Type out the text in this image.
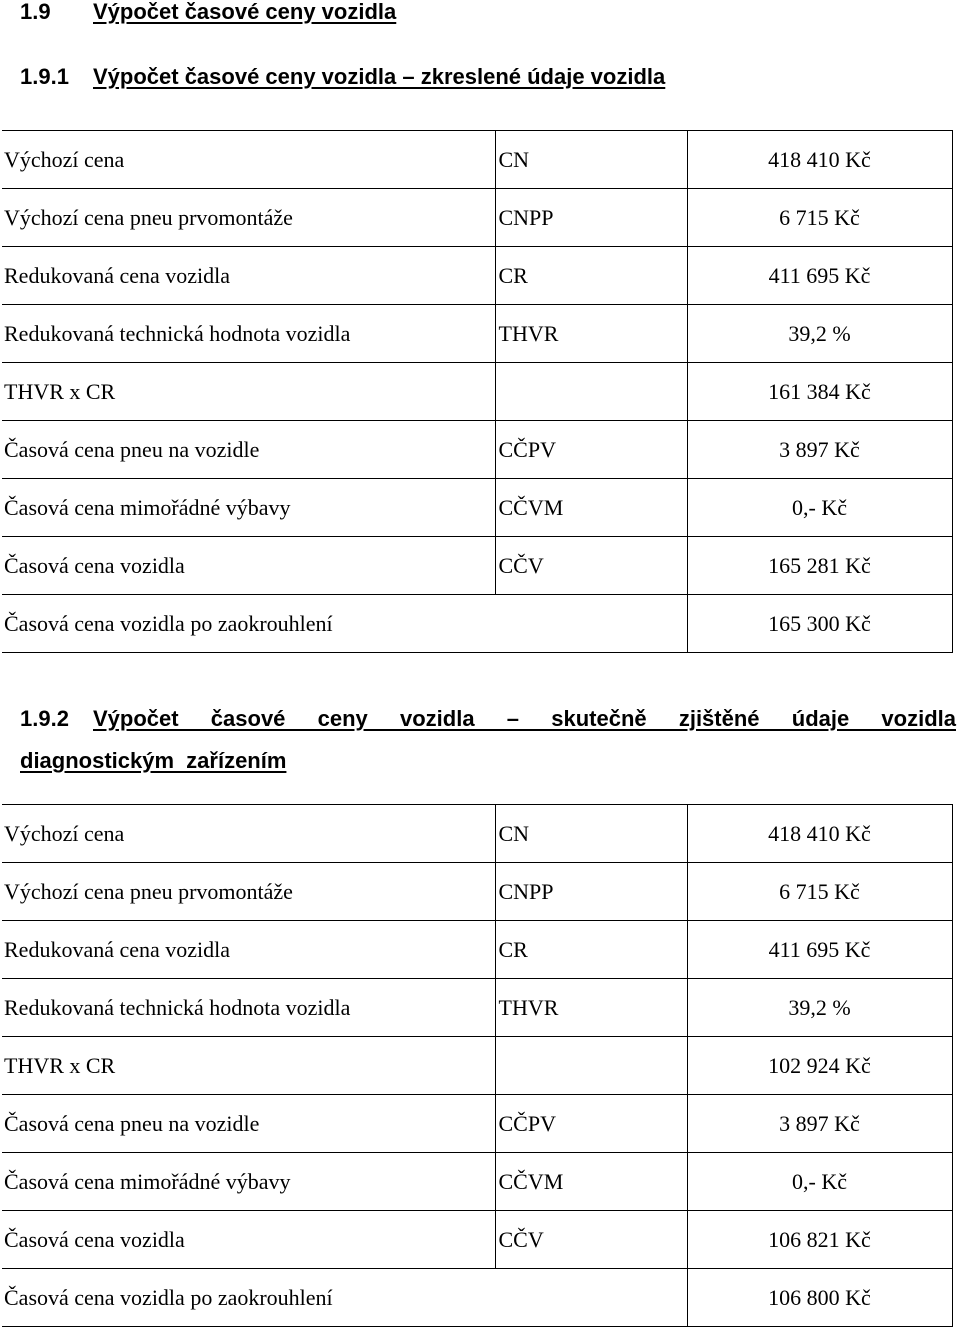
1.9 Výpočet časové ceny vozidla
1.9.1 Výpočet časové ceny vozidla – zkreslené údaje vozidla
Výchozí cena	CN	418 410 Kč
Výchozí cena pneu prvomontáže	CNPP	6 715 Kč
Redukovaná cena vozidla	CR	411 695 Kč
Redukovaná technická hodnota vozidla	THVR	39,2 %
THVR x CR		161 384 Kč
Časová cena pneu na vozidle	CČPV	3 897 Kč
Časová cena mimořádné výbavy	CČVM	0,- Kč
Časová cena vozidla	CČV	165 281 Kč
Časová cena vozidla po zaokrouhlení		165 300 Kč
1.9.2 Výpočet časové ceny vozidla – skutečně zjištěné údaje vozidla diagnostickým zařízením
Výchozí cena	CN	418 410 Kč
Výchozí cena pneu prvomontáže	CNPP	6 715 Kč
Redukovaná cena vozidla	CR	411 695 Kč
Redukovaná technická hodnota vozidla	THVR	39,2 %
THVR x CR		102 924 Kč
Časová cena pneu na vozidle	CČPV	3 897 Kč
Časová cena mimořádné výbavy	CČVM	0,- Kč
Časová cena vozidla	CČV	106 821 Kč
Časová cena vozidla po zaokrouhlení		106 800 Kč
